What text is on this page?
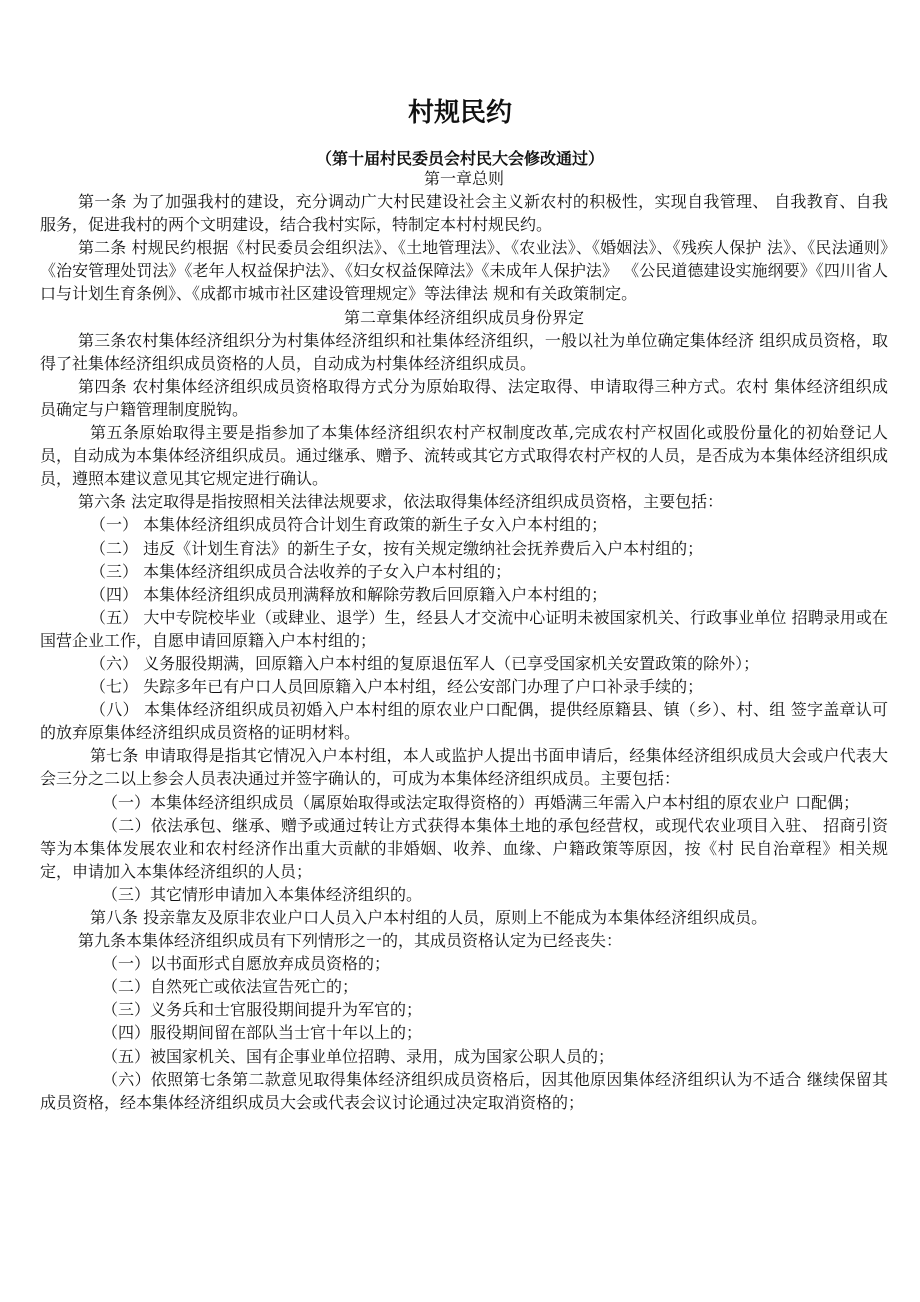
村规民约
（第十届村民委员会村民大会修改通过）

第一章总则

第一条 为了加强我村的建设，充分调动广大村民建设社会主义新农村的积极性，实现自我管理、 自我教育、自我服务，促进我村的两个文明建设，结合我村实际，特制定本村村规民约。

第二条 村规民约根据《村民委员会组织法》、《土地管理法》、《农业法》、《婚姻法》、《残疾人保护 法》、《民法通则》《治安管理处罚法》《老年人权益保护法》、《妇女权益保障法》《未成年人保护法》 《公民道德建设实施纲要》《四川省人口与计划生育条例》、《成都市城市社区建设管理规定》等法律法 规和有关政策制定。

第二章集体经济组织成员身份界定

第三条农村集体经济组织分为村集体经济组织和社集体经济组织，一般以社为单位确定集体经济 组织成员资格，取得了社集体经济组织成员资格的人员，自动成为村集体经济组织成员。

第四条 农村集体经济组织成员资格取得方式分为原始取得、法定取得、申请取得三种方式。农村 集体经济组织成员确定与户籍管理制度脱钩。

第五条原始取得主要是指参加了本集体经济组织农村产权制度改革,完成农村产权固化或股份量化的初始登记人员，自动成为本集体经济组织成员。通过继承、赠予、流转或其它方式取得农村产权的人员，是否成为本集体经济组织成员，遵照本建议意见其它规定进行确认。

第六条 法定取得是指按照相关法律法规要求，依法取得集体经济组织成员资格，主要包括：

（一） 本集体经济组织成员符合计划生育政策的新生子女入户本村组的；

（二） 违反《计划生育法》的新生子女，按有关规定缴纳社会抚养费后入户本村组的；

（三） 本集体经济组织成员合法收养的子女入户本村组的；

（四） 本集体经济组织成员刑满释放和解除劳教后回原籍入户本村组的；

（五） 大中专院校毕业（或肆业、退学）生，经县人才交流中心证明未被国家机关、行政事业单位 招聘录用或在国营企业工作，自愿申请回原籍入户本村组的；

（六） 义务服役期满，回原籍入户本村组的复原退伍军人（已享受国家机关安置政策的除外）；

（七） 失踪多年已有户口人员回原籍入户本村组，经公安部门办理了户口补录手续的；

（八） 本集体经济组织成员初婚入户本村组的原农业户口配偶，提供经原籍县、镇（乡）、村、组 签字盖章认可的放弃原集体经济组织成员资格的证明材料。

第七条 申请取得是指其它情况入户本村组，本人或监护人提出书面申请后，经集体经济组织成员大会或户代表大会三分之二以上参会人员表决通过并签字确认的，可成为本集体经济组织成员。主要包括：

（一）本集体经济组织成员（属原始取得或法定取得资格的）再婚满三年需入户本村组的原农业户 口配偶；

（二）依法承包、继承、赠予或通过转让方式获得本集体土地的承包经营权，或现代农业项目入驻、 招商引资等为本集体发展农业和农村经济作出重大贡献的非婚姻、收养、血缘、户籍政策等原因，按《村 民自治章程》相关规定，申请加入本集体经济组织的人员；

（三）其它情形申请加入本集体经济组织的。

第八条 投亲靠友及原非农业户口人员入户本村组的人员，原则上不能成为本集体经济组织成员。

第九条本集体经济组织成员有下列情形之一的，其成员资格认定为已经丧失：

（一）以书面形式自愿放弃成员资格的；

（二）自然死亡或依法宣告死亡的；

（三）义务兵和士官服役期间提升为军官的；

（四）服役期间留在部队当士官十年以上的；

（五）被国家机关、国有企事业单位招聘、录用，成为国家公职人员的；

（六）依照第七条第二款意见取得集体经济组织成员资格后，因其他原因集体经济组织认为不适合 继续保留其成员资格，经本集体经济组织成员大会或代表会议讨论通过决定取消资格的；
